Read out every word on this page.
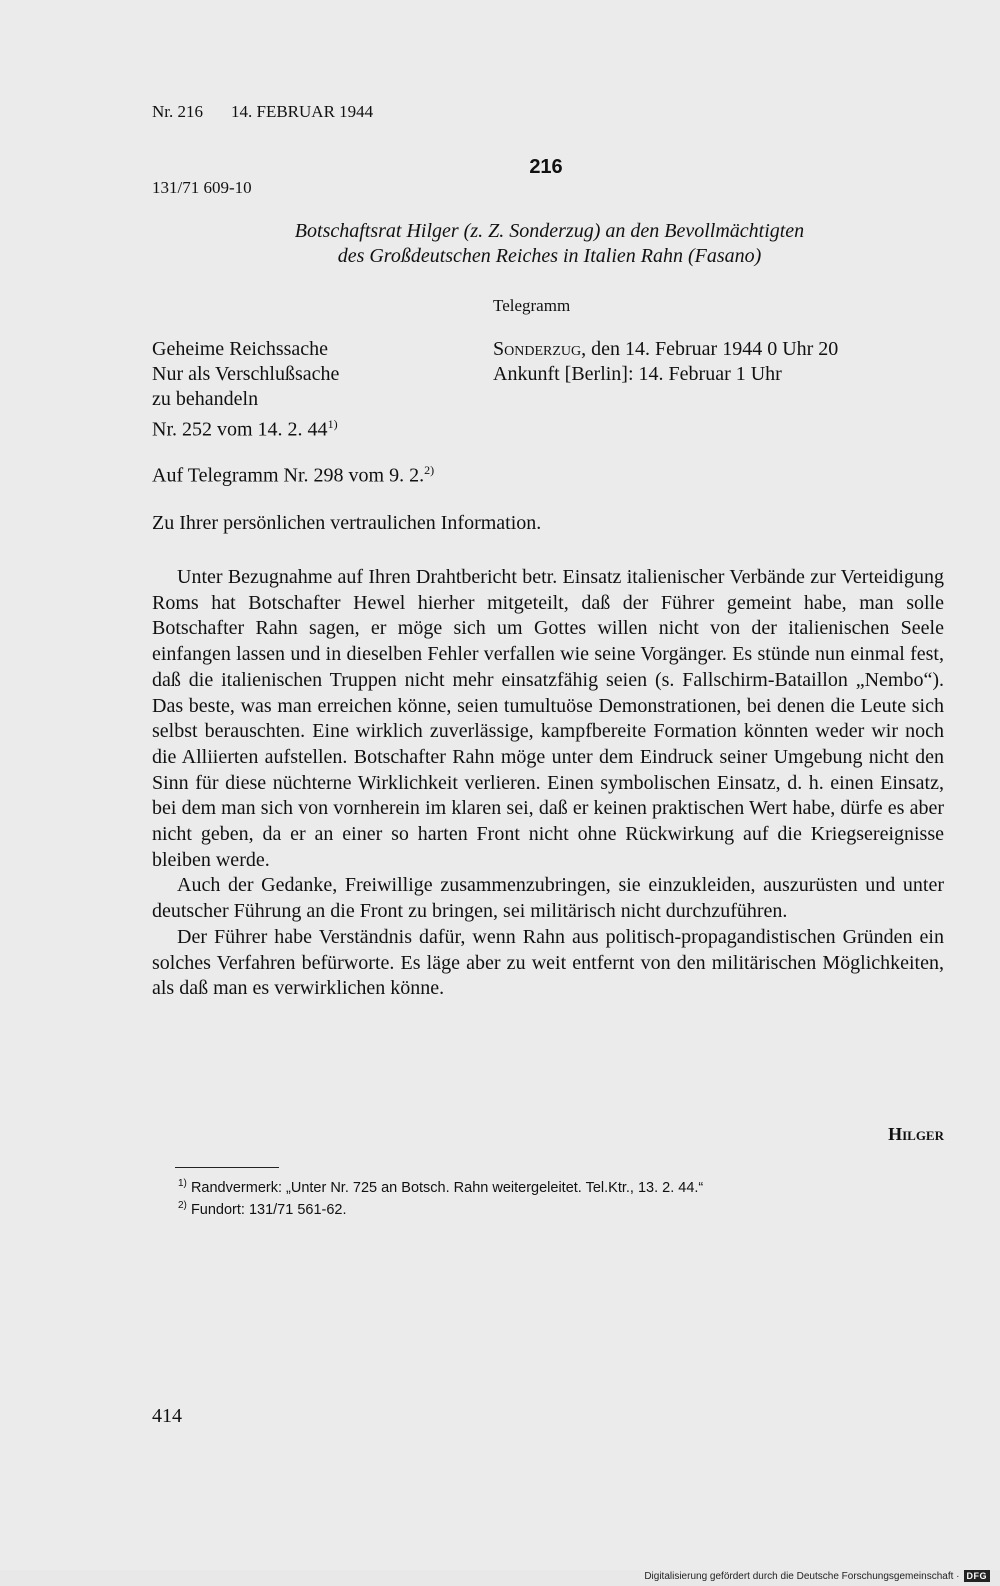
Nr. 216 14. FEBRUAR 1944
216
131/71 609-10
Botschaftsrat Hilger (z. Z. Sonderzug) an den Bevollmächtigten
des Großdeutschen Reiches in Italien Rahn (Fasano)
Telegramm
Geheime Reichssache
Nur als Verschlußsache
zu behandeln
Nr. 252 vom 14. 2. 44$^{1)}$
Sonderzug, den 14. Februar 1944 0 Uhr 20
Ankunft [Berlin]: 14. Februar 1 Uhr
Auf Telegramm Nr. 298 vom 9. 2.$^{2)}$
Zu Ihrer persönlichen vertraulichen Information.

Unter Bezugnahme auf Ihren Drahtbericht betr. Einsatz italienischer Verbände zur Verteidigung Roms hat Botschafter Hewel hierher mitgeteilt, daß der Führer gemeint habe, man solle Botschafter Rahn sagen, er möge sich um Gottes willen nicht von der italienischen Seele einfangen lassen und in dieselben Fehler verfallen wie seine Vorgänger. Es stünde nun einmal fest, daß die italienischen Truppen nicht mehr einsatzfähig seien (s. Fallschirm-Bataillon „Nembo“). Das beste, was man erreichen könne, seien tumultuöse Demonstrationen, bei denen die Leute sich selbst berauschten. Eine wirklich zuverlässige, kampfbereite Formation könnten weder wir noch die Alliierten aufstellen. Botschafter Rahn möge unter dem Eindruck seiner Umgebung nicht den Sinn für diese nüchterne Wirklichkeit verlieren. Einen symbolischen Einsatz, d. h. einen Einsatz, bei dem man sich von vornherein im klaren sei, daß er keinen praktischen Wert habe, dürfe es aber nicht geben, da er an einer so harten Front nicht ohne Rückwirkung auf die Kriegsereignisse bleiben werde.

Auch der Gedanke, Freiwillige zusammenzubringen, sie einzukleiden, auszurüsten und unter deutscher Führung an die Front zu bringen, sei militärisch nicht durchzuführen.

Der Führer habe Verständnis dafür, wenn Rahn aus politisch-propagandistischen Gründen ein solches Verfahren befürworte. Es läge aber zu weit entfernt von den militärischen Möglichkeiten, als daß man es verwirklichen könne.

Hilger
$^{1)}$ Randvermerk: „Unter Nr. 725 an Botsch. Rahn weitergeleitet. Tel.Ktr., 13. 2. 44.“
$^{2)}$ Fundort: 131/71 561-62.
414
Digitalisierung gefördert durch die Deutsche Forschungsgemeinschaft · DFG
